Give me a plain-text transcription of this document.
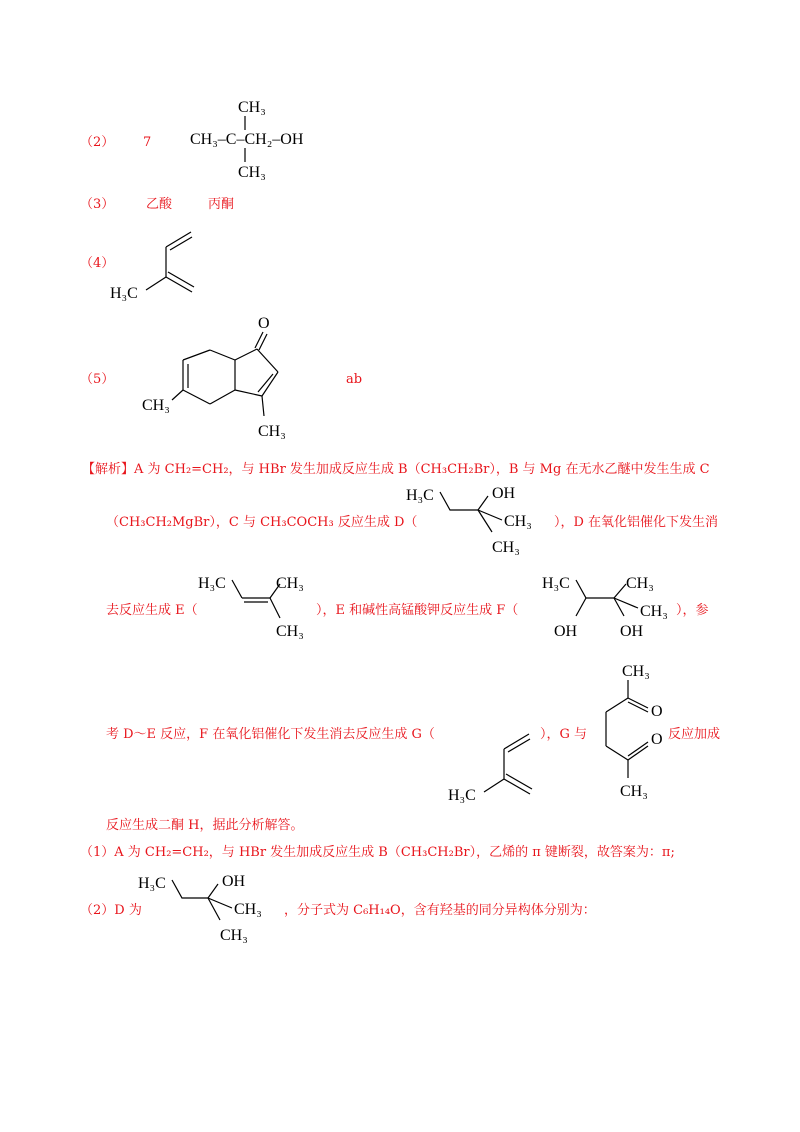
（2） 7
CH₃
CH₃–C–CH₂–OH
CH₃
（3） 乙酸	丙酮
（4）
H₃C
（5）
O
CH₃
CH₃
ab
【解析】A 为 CH₂=CH₂，与 HBr 发生加成反应生成 B（CH₃CH₂Br），B 与 Mg 在无水乙醚中发生生成 C
（CH₃CH₂MgBr），C 与 CH₃COCH₃ 反应生成 D（
H₃C	OH
CH₃
CH₃
），D 在氧化铝催化下发生消
去反应生成 E（
H₃C	CH₃
CH₃
），E 和碱性高锰酸钾反应生成 F（
H₃C	CH₃
CH₃
OH	OH
），参
考 D～E 反应，F 在氧化铝催化下发生消去反应生成 G（
H₃C
），G 与
CH₃
O
O
CH₃
反应加成
反应生成二酮 H，据此分析解答。
（1）A 为 CH₂=CH₂，与 HBr 发生加成反应生成 B（CH₃CH₂Br），乙烯的 π 键断裂，故答案为：π;
（2）D 为
H₃C	OH
CH₃
CH₃
，分子式为 C₆H₁₄O，含有羟基的同分异构体分别为：
